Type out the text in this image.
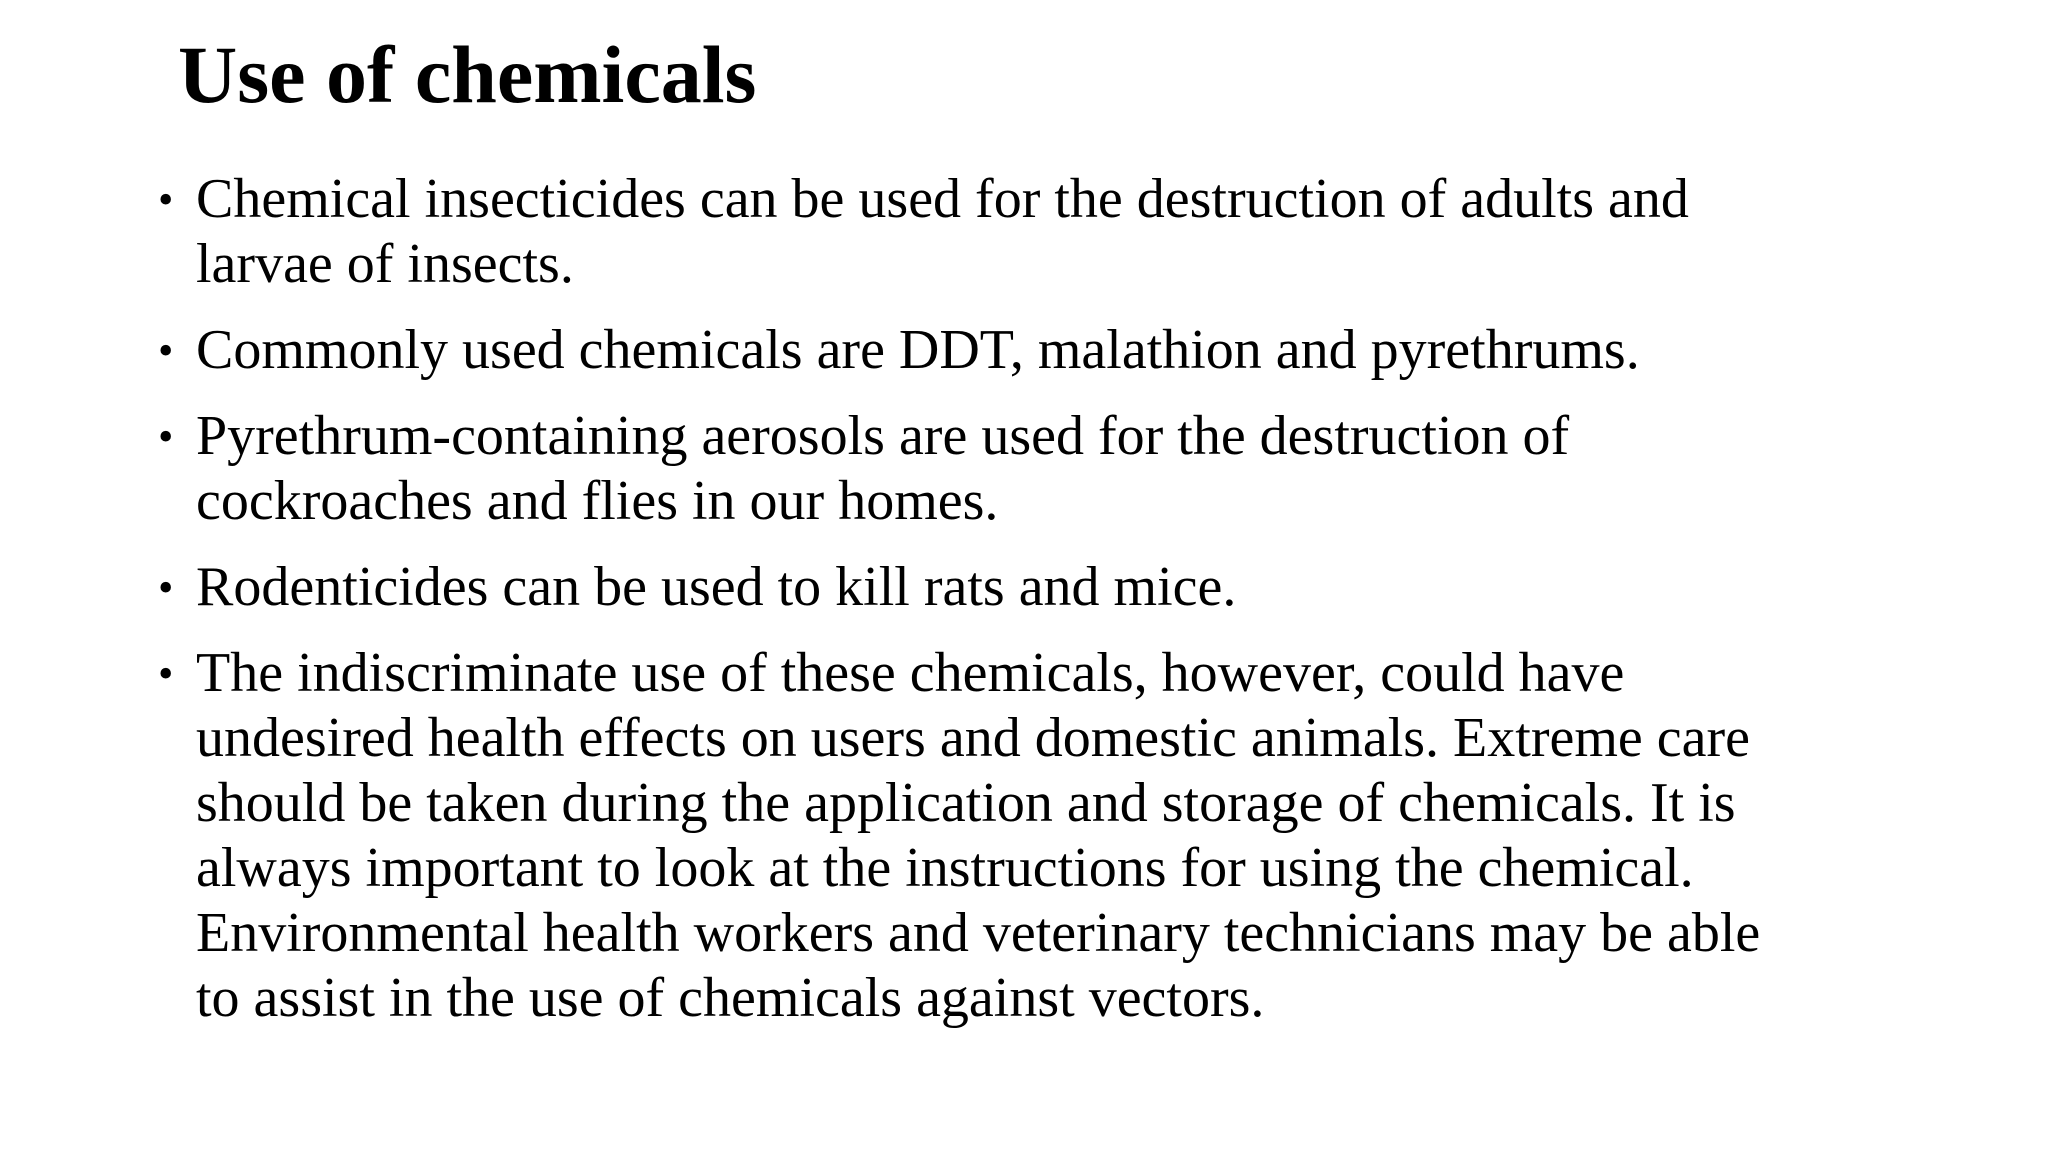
Use of chemicals
• Chemical insecticides can be used for the destruction of adults and
larvae of insects.
• Commonly used chemicals are DDT, malathion and pyrethrums.
• Pyrethrum-containing aerosols are used for the destruction of
cockroaches and flies in our homes.
• Rodenticides can be used to kill rats and mice.
• The indiscriminate use of these chemicals, however, could have
undesired health effects on users and domestic animals. Extreme care
should be taken during the application and storage of chemicals. It is
always important to look at the instructions for using the chemical.
Environmental health workers and veterinary technicians may be able
to assist in the use of chemicals against vectors.
